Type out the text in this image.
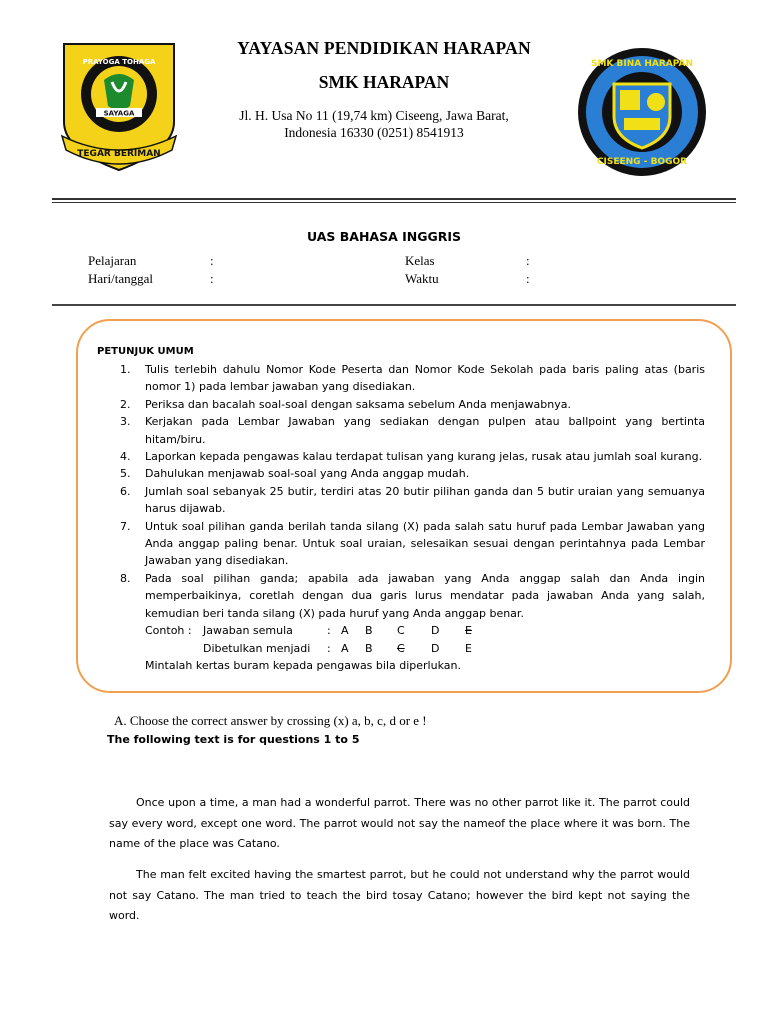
PRAYOGA TOHAGA
SAYAGA
TEGAR BERIMAN
SMK BINA HARAPAN
CISEENG - BOGOR
YAYASAN PENDIDIKAN HARAPAN
SMK HARAPAN
Jl. H. Usa No 11 (19,74 km) Ciseeng, Jawa Barat,
Indonesia 16330 (0251) 8541913
UAS BAHASA INGGRIS
Pelajaran	:
Hari/tanggal	:
Kelas	:
Waktu	:
PETUNJUK UMUM
1. Tulis terlebih dahulu Nomor Kode Peserta dan Nomor Kode Sekolah pada baris paling atas (baris nomor 1) pada lembar jawaban yang disediakan.
2. Periksa dan bacalah soal-soal dengan saksama sebelum Anda menjawabnya.
3. Kerjakan pada Lembar Jawaban yang sediakan dengan pulpen atau ballpoint yang bertinta hitam/biru.
4. Laporkan kepada pengawas kalau terdapat tulisan yang kurang jelas, rusak atau jumlah soal kurang.
5. Dahulukan menjawab soal-soal yang Anda anggap mudah.
6. Jumlah soal sebanyak 25 butir, terdiri atas 20 butir pilihan ganda dan 5 butir uraian yang semuanya harus dijawab.
7. Untuk soal pilihan ganda berilah tanda silang (X) pada salah satu huruf pada Lembar Jawaban yang Anda anggap paling benar. Untuk soal uraian, selesaikan sesuai dengan perintahnya pada Lembar Jawaban yang disediakan.
8. Pada soal pilihan ganda; apabila ada jawaban yang Anda anggap salah dan Anda ingin memperbaikinya, coretlah dengan dua garis lurus mendatar pada jawaban Anda yang salah, kemudian beri tanda silang (X) pada huruf yang Anda anggap benar.
Contoh : Jawaban semula	: A B C D E
Dibetulkan menjadi : A B C D E
Mintalah kertas buram kepada pengawas bila diperlukan.
A. Choose the correct answer by crossing (x) a, b, c, d or e !
The following text is for questions 1 to 5
Once upon a time, a man had a wonderful parrot. There was no other parrot like it. The parrot could say every word, except one word. The parrot would not say the nameof the place where it was born. The name of the place was Catano.
The man felt excited having the smartest parrot, but he could not understand why the parrot would not say Catano. The man tried to teach the bird tosay Catano; however the bird kept not saying the word.
